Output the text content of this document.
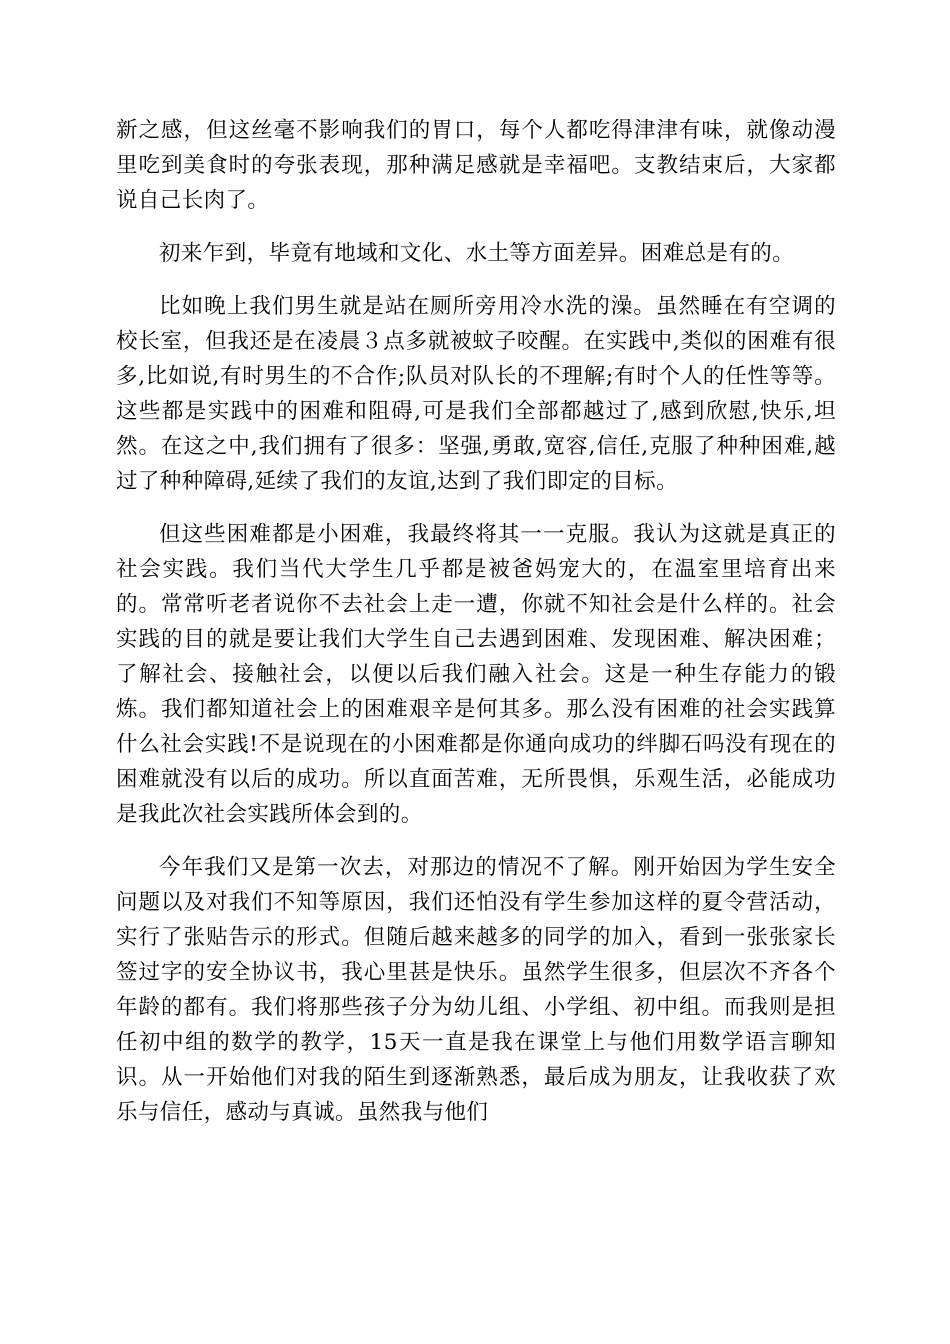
新之感，但这丝毫不影响我们的胃口，每个人都吃得津津有味，就像动漫里吃到美食时的夸张表现，那种满足感就是幸福吧。支教结束后，大家都说自己长肉了。

初来乍到，毕竟有地域和文化、水土等方面差异。困难总是有的。

比如晚上我们男生就是站在厕所旁用冷水洗的澡。虽然睡在有空调的校长室，但我还是在凌晨３点多就被蚊子咬醒。在实践中,类似的困难有很多,比如说,有时男生的不合作;队员对队长的不理解;有时个人的任性等等。这些都是实践中的困难和阻碍,可是我们全部都越过了,感到欣慰,快乐,坦然。在这之中,我们拥有了很多：坚强,勇敢,宽容,信任,克服了种种困难,越过了种种障碍,延续了我们的友谊,达到了我们即定的目标。

但这些困难都是小困难，我最终将其一一克服。我认为这就是真正的社会实践。我们当代大学生几乎都是被爸妈宠大的，在温室里培育出来的。常常听老者说你不去社会上走一遭，你就不知社会是什么样的。社会实践的目的就是要让我们大学生自己去遇到困难、发现困难、解决困难；了解社会、接触社会，以便以后我们融入社会。这是一种生存能力的锻炼。我们都知道社会上的困难艰辛是何其多。那么没有困难的社会实践算什么社会实践!不是说现在的小困难都是你通向成功的绊脚石吗没有现在的困难就没有以后的成功。所以直面苦难，无所畏惧，乐观生活，必能成功是我此次社会实践所体会到的。

今年我们又是第一次去，对那边的情况不了解。刚开始因为学生安全问题以及对我们不知等原因，我们还怕没有学生参加这样的夏令营活动，实行了张贴告示的形式。但随后越来越多的同学的加入，看到一张张家长签过字的安全协议书，我心里甚是快乐。虽然学生很多，但层次不齐各个年龄的都有。我们将那些孩子分为幼儿组、小学组、初中组。而我则是担任初中组的数学的教学，15天一直是我在课堂上与他们用数学语言聊知识。从一开始他们对我的陌生到逐渐熟悉，最后成为朋友，让我收获了欢乐与信任，感动与真诚。虽然我与他们
